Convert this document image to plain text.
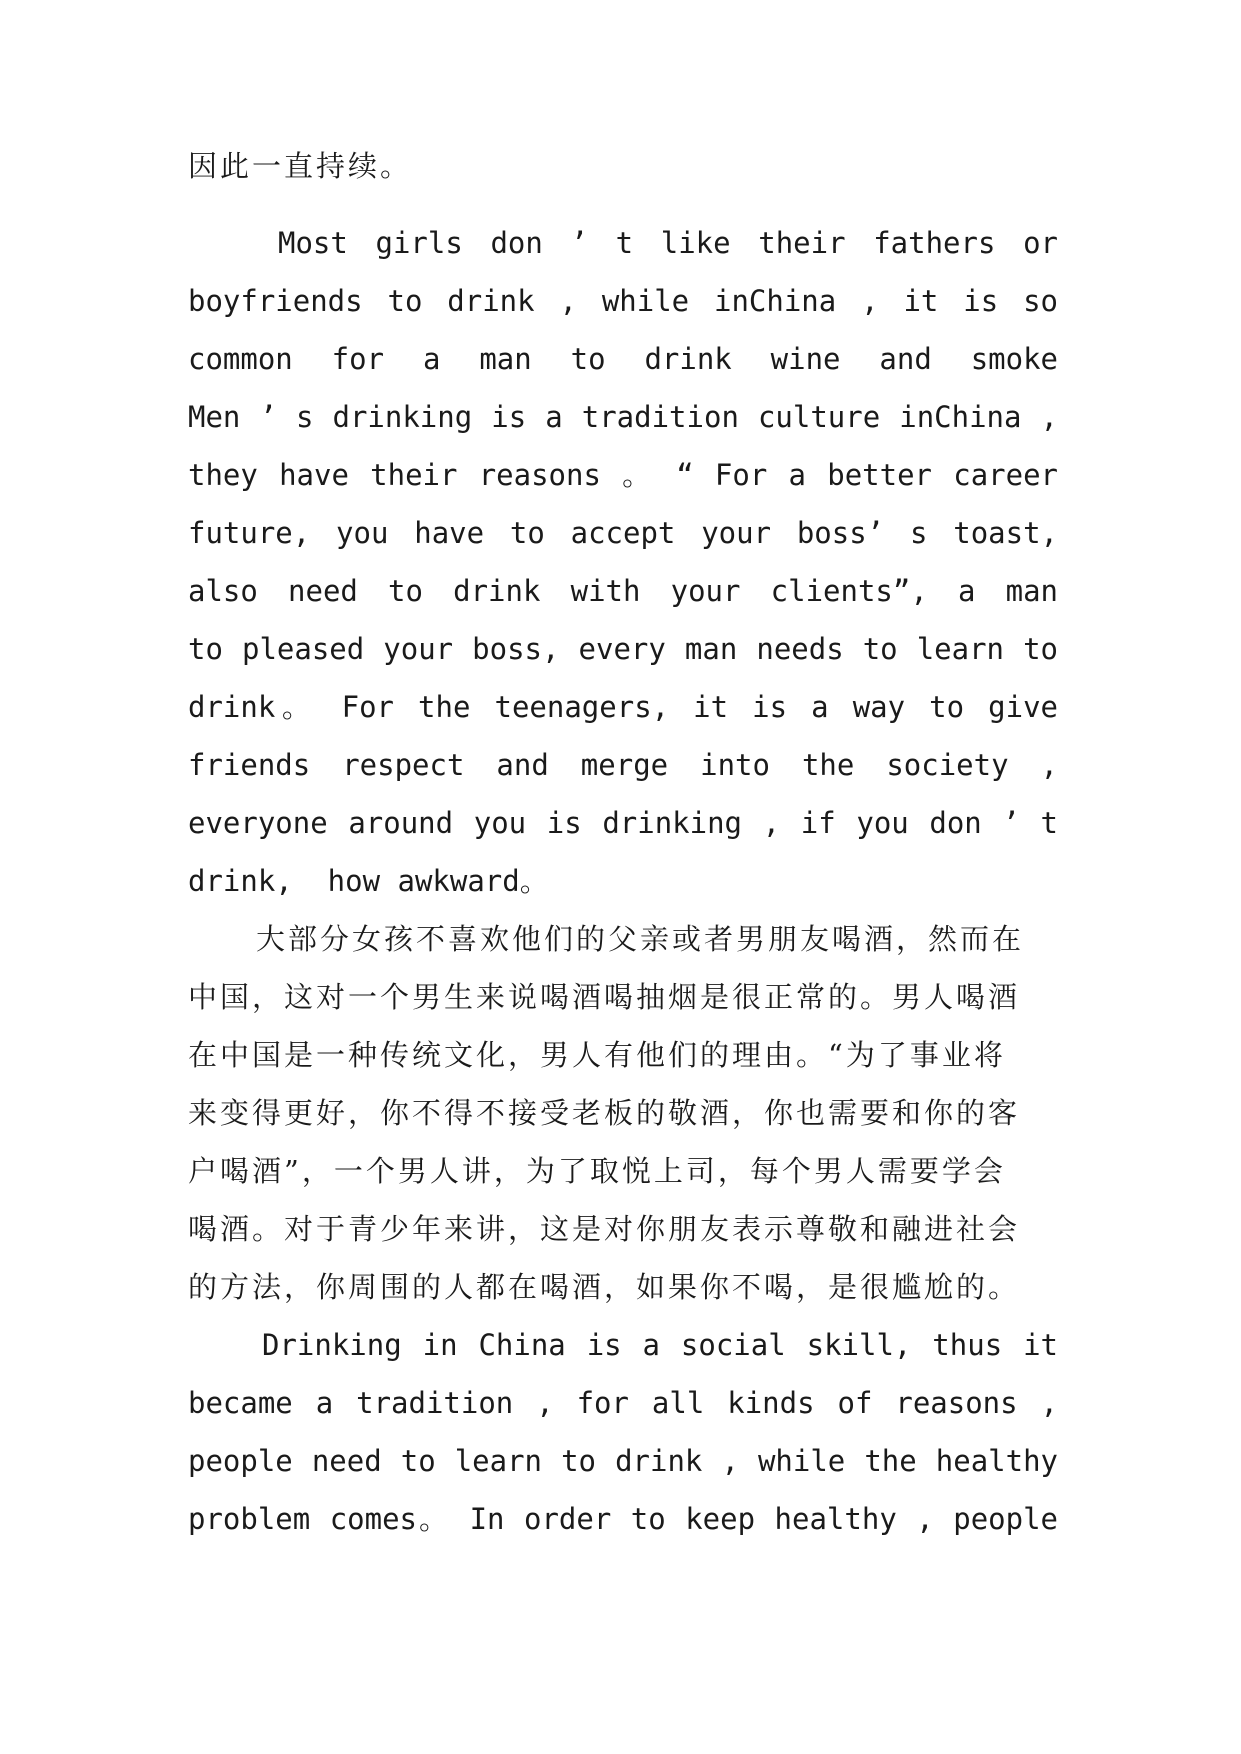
因此一直持续。
Most girls don ’ t like their fathers or
boyfriends to drink , while inChina , it is so
common for a man to drink wine and smoke
Men ’ s drinking is a tradition culture inChina ,
they have their reasons 。 “ For a better career
future, you have to accept your boss’ s toast,
also need to drink with your clients”, a man
to pleased your boss, every man needs to learn to
drink。 For the teenagers, it is a way to give
friends respect and merge into the society ,
everyone around you is drinking , if you don ’ t
drink,  how awkward。
大部分女孩不喜欢他们的父亲或者男朋友喝酒，然而在
中国，这对一个男生来说喝酒喝抽烟是很正常的。男人喝酒
在中国是一种传统文化，男人有他们的理由。“为了事业将
来变得更好，你不得不接受老板的敬酒，你也需要和你的客
户喝酒”，一个男人讲，为了取悦上司，每个男人需要学会
喝酒。对于青少年来讲，这是对你朋友表示尊敬和融进社会
的方法，你周围的人都在喝酒，如果你不喝，是很尴尬的。
Drinking in China is a social skill, thus it
became a tradition , for all kinds of reasons ,
people need to learn to drink , while the healthy
problem comes。 In order to keep healthy , people
